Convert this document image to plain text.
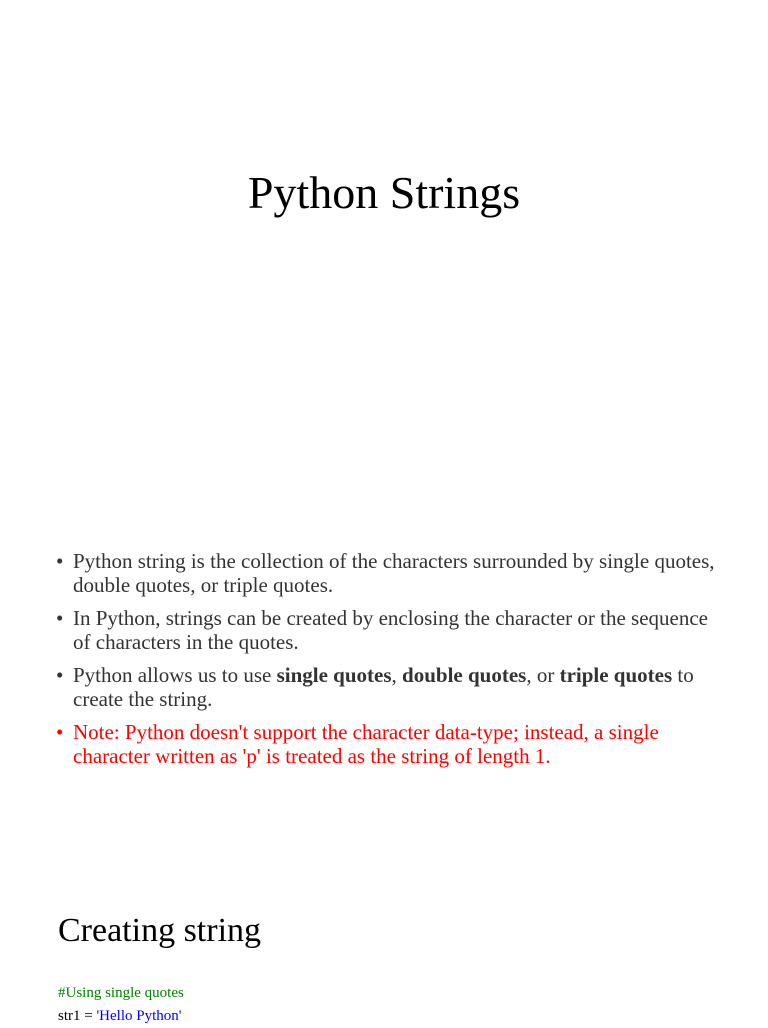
Python Strings
• Python string is the collection of the characters surrounded by single quotes, double quotes, or triple quotes.
• In Python, strings can be created by enclosing the character or the sequence of characters in the quotes.
• Python allows us to use single quotes, double quotes, or triple quotes to create the string.
• Note: Python doesn't support the character data-type; instead, a single character written as 'p' is treated as the string of length 1.
Creating string
#Using single quotes
str1 = 'Hello Python'
